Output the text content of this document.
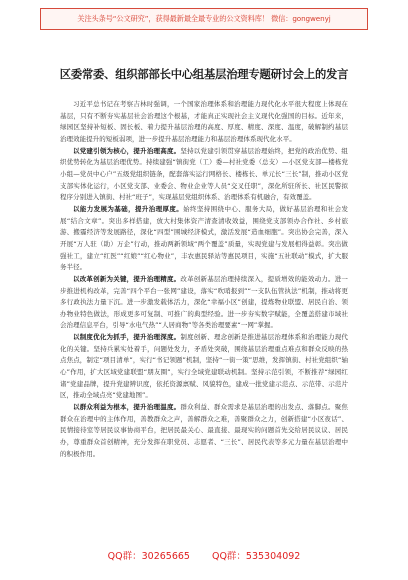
关注头条号“公文研究”，获得最新最全最专业的公文资料库！ 微信：gongwenyj
区委常委、组织部部长中心组基层治理专题研讨会上的发言

习近平总书记在考察吉林时强调，一个国家治理体系和治理能力现代化水平很大程度上体现在基层，只有不断夯实基层社会治理这个根基，才能真正实现社会主义现代化强国的目标。近年来，绿园区坚持补短板、固长板、着力提升基层治理的高度、厚度、精度、深度、温度，破解制约基层治理效能提升的短板弱项，进一步提升基层治理能力和基层治理体系现代化水平。

以党建引领为核心，提升治理高度。坚持以党建引领贯穿基层治理始终，把党的政治优势、组织优势转化为基层治理优势。持续建强“镇街党（工）委—村社党委（总支）—小区党支部—楼栋党小组—党员中心户”五级党组织链条，配套落实运行网格长、楼栋长、单元长“三长”制，推动小区党支部实体化运行，小区党支部、业委会、物业企业等人员“交叉任职”，深化所驻所长、社区民警拟程序分别进入镇街、村社“班子”，实现基层党组织体系、治理体系有机融合，有效覆盖。

以能力发展为基础，提升治理厚度。始终坚持围绕中心、服务大局，做好基层治理和社会发展“结合文章”。突出多样搭建，放大村集体资产清查清收效益，围绕党支部领办合作社、乡村旅游、搬霾经济等发展路径，深化“四型”围城经济模式，激活发展“造血细胞”。突出协会完善，深入开展“万人驻（助）万企”行动，推动两新领域“两个覆盖”质量，实现党建与发展相得益彰。突出做强社工，建立“红医”“红娘”“红心物业”，丰农惠民驿站等惠民项目，实施“五社联动”模式，扩大服务半径。

以改革创新为关键，提升治理精度。改革创新基层治理持续深入，提质增效的能效动力。进一步推进机构改革，完善“四个平台一张网”建设，落实“吹哨报到”“一支队伍管执法”机制，推动将更多行政执法力量下沉。进一步激发载体活力，深化“幸福小区”创建，提炼物业联盟、居民自治、领办物业特色做法，形成更多可复制、可推广的典型经验。进一步夯实数字赋能，全覆盖搭建市域社会治理信息平台，引导“水电气热”“人居商物”等各类治理要素“一网”掌握。

以制度优化为抓手，提升治理深度。制度创新、理念创新是推进基层治理体系和治理能力现代化的关键。坚持兵累实处着手，问题处发力，矛盾处突破，围绕基层治理重点难点和群众反映的热点焦点，制定“项目清单”，实行“书记领题”机制，坚持“一街一策”思维，发挥镇街、村社党组织“轴心”作用，扩大区域党建联盟“朋友圈”，实行全域党建联动机制。坚持示范引领，不断推荐“绿园红诸”党建品牌，提升党建辨识度，依托资源禀赋、风貌特色，建成一批党建示范点、示范带、示范片区，推动全域点亮“党建地图”。

以群众利益为根本，提升治理温度。群众利益、群众需求是基层治理的出发点、落脚点。聚焦群众在治理中的主体作用，善教群众之声，善解群众之难，善聚群众之力，创新搭建“小区夜话”、民情接待室等居民议事协商平台，把居民最关心、最直接、最现实的问题首先交给居民议议、居民办，尊重群众首创精神，充分发挥在职党员、志愿者、“三长”、居民代表等多元力量在基层治理中的积极作用。

QQ群：30265665 QQ群：535304092
